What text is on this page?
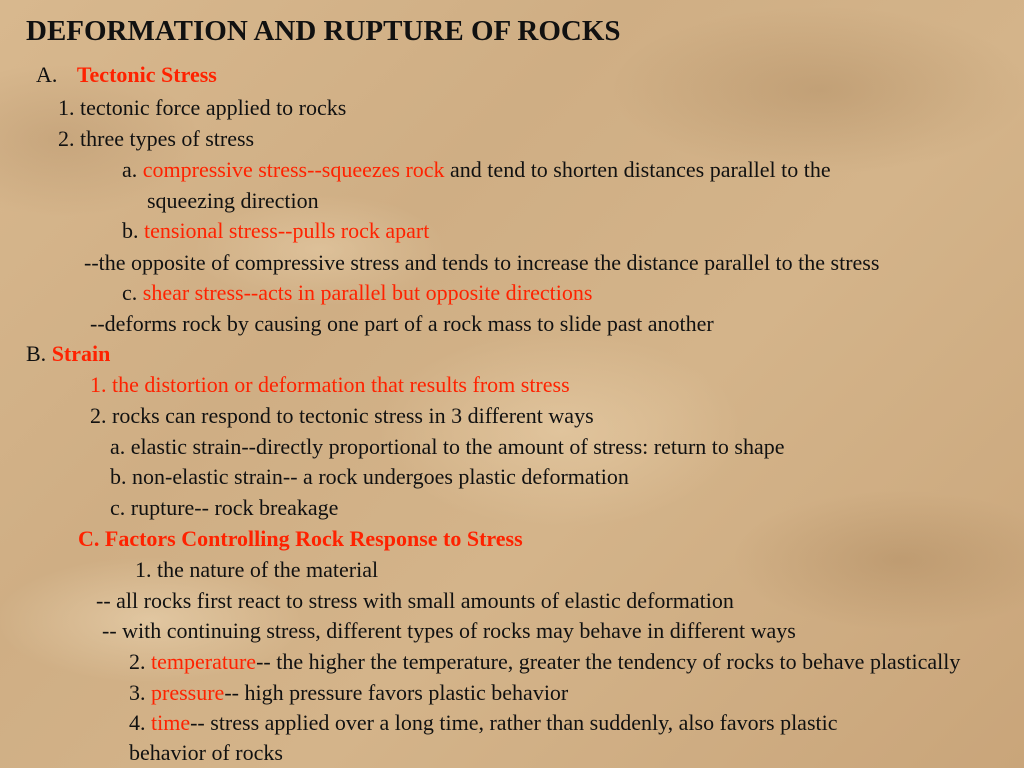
DEFORMATION AND RUPTURE OF ROCKS
A. Tectonic Stress
1. tectonic force applied to rocks
2. three types of stress
a. compressive stress--squeezes rock and tend to shorten distances parallel to the
squeezing direction
b. tensional stress--pulls rock apart
--the opposite of compressive stress and tends to increase the distance parallel to the stress
c. shear stress--acts in parallel but opposite directions
--deforms rock by causing one part of a rock mass to slide past another
B. Strain
1. the distortion or deformation that results from stress
2. rocks can respond to tectonic stress in 3 different ways
a. elastic strain--directly proportional to the amount of stress: return to shape
b. non-elastic strain-- a rock undergoes plastic deformation
c. rupture-- rock breakage
C. Factors Controlling Rock Response to Stress
1. the nature of the material
-- all rocks first react to stress with small amounts of elastic deformation
-- with continuing stress, different types of rocks may behave in different ways
2. temperature-- the higher the temperature, greater the tendency of rocks to behave plastically
3. pressure-- high pressure favors plastic behavior
4. time-- stress applied over a long time, rather than suddenly, also favors plastic
behavior of rocks
